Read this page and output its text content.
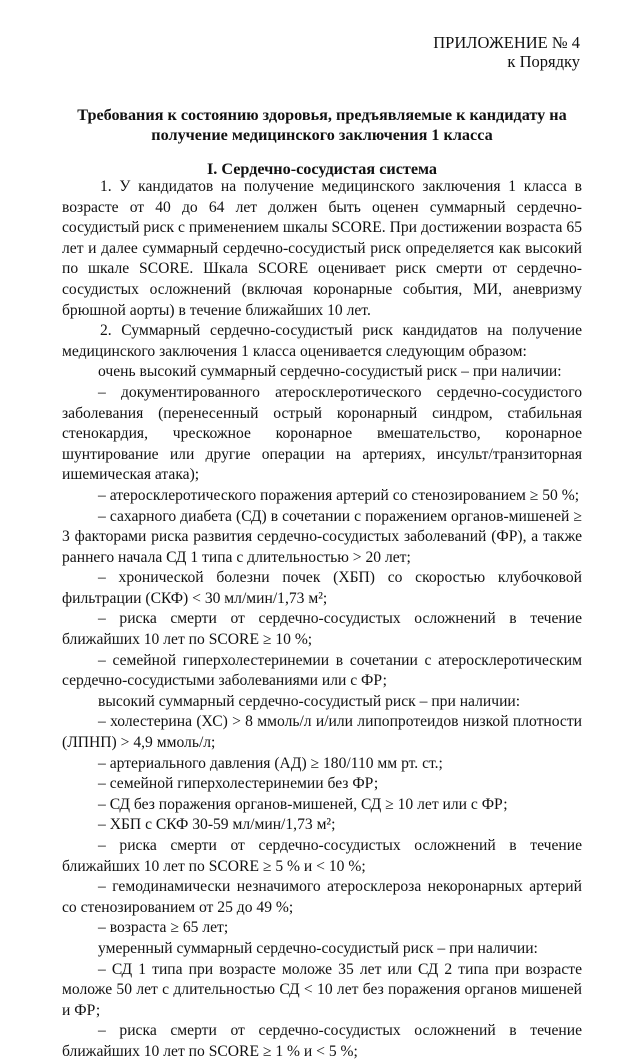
ПРИЛОЖЕНИЕ № 4
к Порядку
Требования к состоянию здоровья, предъявляемые к кандидату на получение медицинского заключения 1 класса
I. Сердечно-сосудистая система

1. У кандидатов на получение медицинского заключения 1 класса в возрасте от 40 до 64 лет должен быть оценен суммарный сердечно-сосудистый риск с применением шкалы SCORE. При достижении возраста 65 лет и далее суммарный сердечно-сосудистый риск определяется как высокий по шкале SCORE. Шкала SCORE оценивает риск смерти от сердечно-сосудистых осложнений (включая коронарные события, МИ, аневризму брюшной аорты) в течение ближайших 10 лет.

2. Суммарный сердечно-сосудистый риск кандидатов на получение медицинского заключения 1 класса оценивается следующим образом:

очень высокий суммарный сердечно-сосудистый риск – при наличии:

– документированного атеросклеротического сердечно-сосудистого заболевания (перенесенный острый коронарный синдром, стабильная стенокардия, чрескожное коронарное вмешательство, коронарное шунтирование или другие операции на артериях, инсульт/транзиторная ишемическая атака);

– атеросклеротического поражения артерий со стенозированием ≥ 50 %;

– сахарного диабета (СД) в сочетании с поражением органов-мишеней ≥ 3 факторами риска развития сердечно-сосудистых заболеваний (ФР), а также раннего начала СД 1 типа с длительностью > 20 лет;

– хронической болезни почек (ХБП) со скоростью клубочковой фильтрации (СКФ) < 30 мл/мин/1,73 м²;

– риска смерти от сердечно-сосудистых осложнений в течение ближайших 10 лет по SCORE ≥ 10 %;

– семейной гиперхолестеринемии в сочетании с атеросклеротическим сердечно-сосудистыми заболеваниями или с ФР;

высокий суммарный сердечно-сосудистый риск – при наличии:

– холестерина (ХС) > 8 ммоль/л и/или липопротеидов низкой плотности (ЛПНП) > 4,9 ммоль/л;

– артериального давления (АД) ≥ 180/110 мм рт. ст.;

– семейной гиперхолестеринемии без ФР;

– СД без поражения органов-мишеней, СД ≥ 10 лет или с ФР;

– ХБП с СКФ 30-59 мл/мин/1,73 м²;

– риска смерти от сердечно-сосудистых осложнений в течение ближайших 10 лет по SCORE ≥ 5 % и < 10 %;

– гемодинамически незначимого атеросклероза некоронарных артерий со стенозированием от 25 до 49 %;

– возраста ≥ 65 лет;

умеренный суммарный сердечно-сосудистый риск – при наличии:

– СД 1 типа при возрасте моложе 35 лет или СД 2 типа при возрасте моложе 50 лет с длительностью СД < 10 лет без поражения органов мишеней и ФР;

– риска смерти от сердечно-сосудистых осложнений в течение ближайших 10 лет по SCORE ≥ 1 % и < 5 %;
